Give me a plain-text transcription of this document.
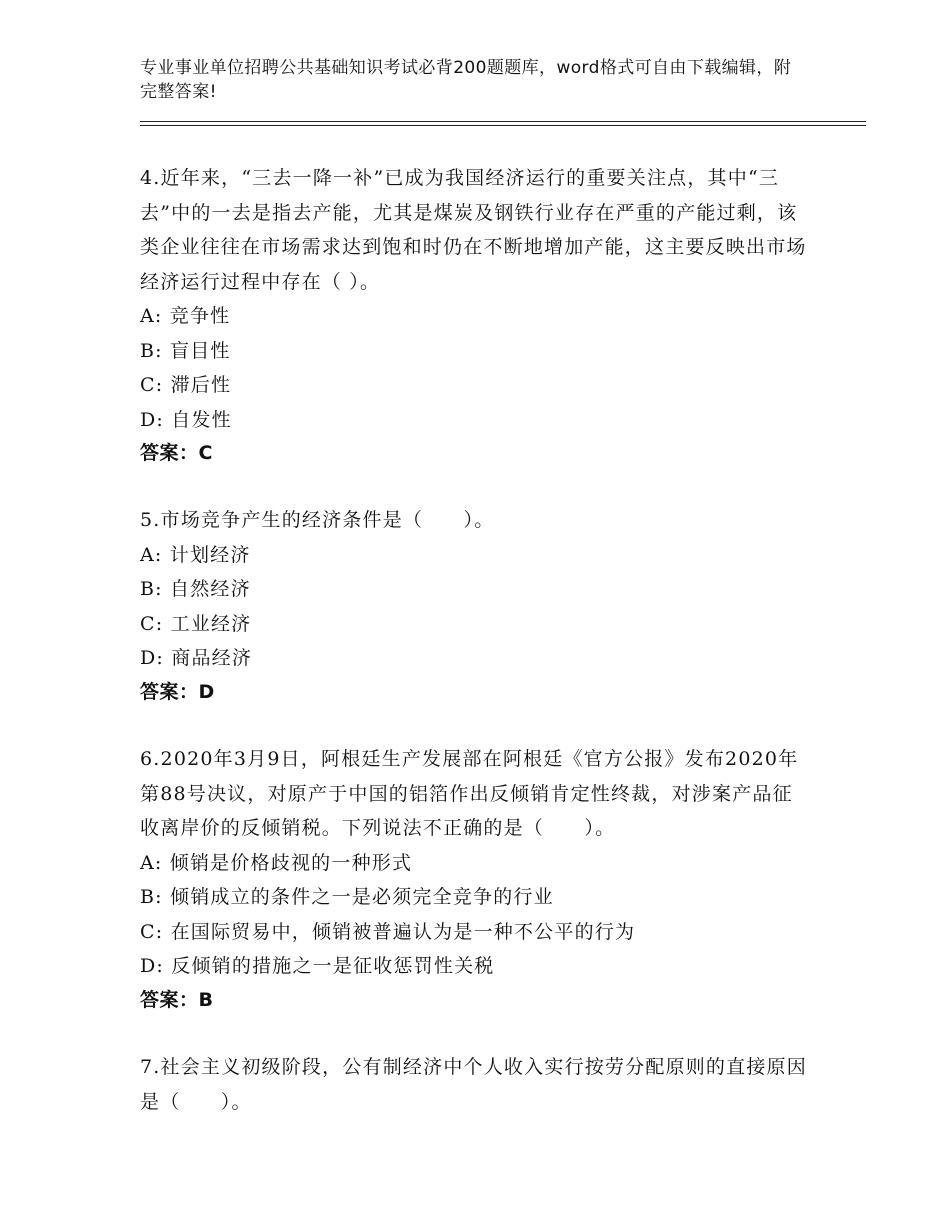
专业事业单位招聘公共基础知识考试必背200题题库，word格式可自由下载编辑，附完整答案!
4.近年来，“三去一降一补”已成为我国经济运行的重要关注点，其中“三去”中的一去是指去产能，尤其是煤炭及钢铁行业存在严重的产能过剩，该类企业往往在市场需求达到饱和时仍在不断地增加产能，这主要反映出市场经济运行过程中存在（ ）。
A: 竞争性
B: 盲目性
C: 滞后性
D: 自发性
答案：C
5.市场竞争产生的经济条件是（　　）。
A: 计划经济
B: 自然经济
C: 工业经济
D: 商品经济
答案：D
6.2020年3月9日，阿根廷生产发展部在阿根廷《官方公报》发布2020年第88号决议，对原产于中国的铝箔作出反倾销肯定性终裁，对涉案产品征收离岸价的反倾销税。下列说法不正确的是（　　）。
A: 倾销是价格歧视的一种形式
B: 倾销成立的条件之一是必须完全竞争的行业
C: 在国际贸易中，倾销被普遍认为是一种不公平的行为
D: 反倾销的措施之一是征收惩罚性关税
答案：B
7.社会主义初级阶段，公有制经济中个人收入实行按劳分配原则的直接原因是（　　）。
